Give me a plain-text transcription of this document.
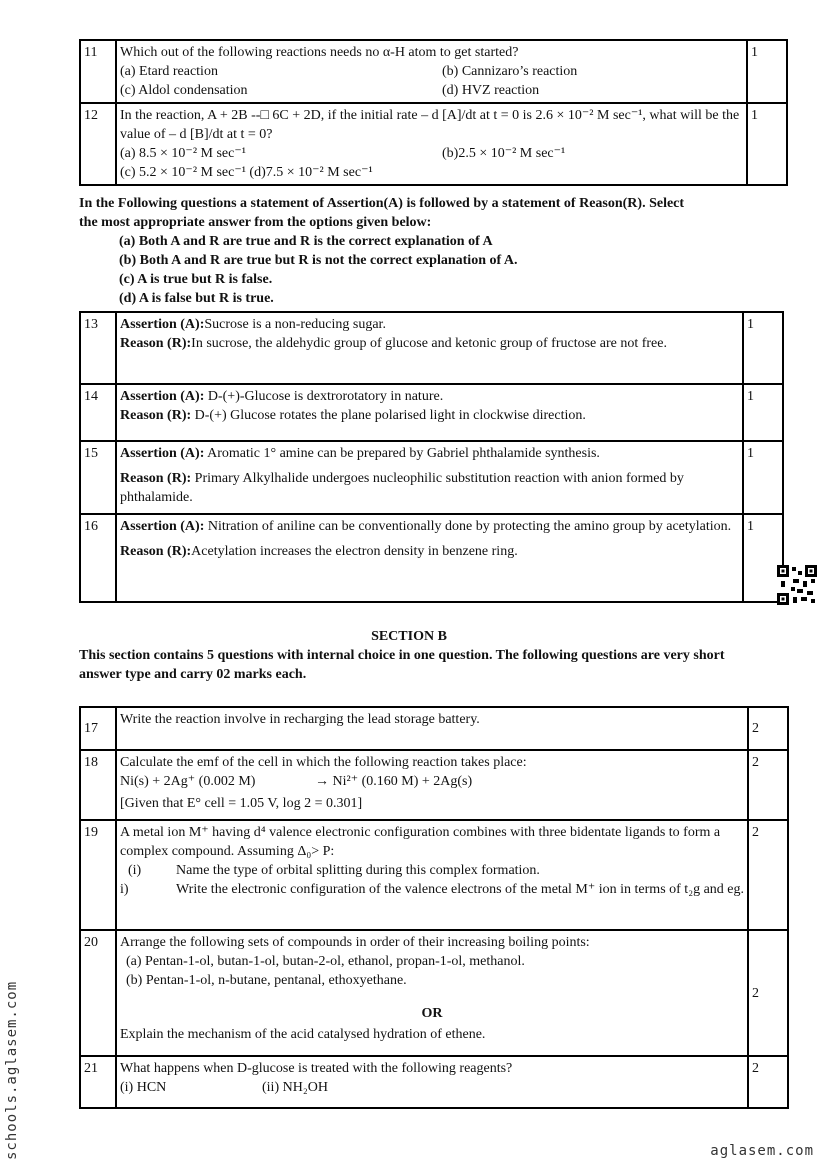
11	Which out of the following reactions needs no α-H atom to get started?
(a) Etard reaction (b) Cannizaro’s reaction
(c) Aldol condensation (d) HVZ reaction	1
12	In the reaction, A + 2B --□ 6C + 2D, if the initial rate – d [A]/dt at t = 0 is 2.6 × 10⁻² M sec⁻¹, what will be the value of – d [B]/dt at t = 0?
(a) 8.5 × 10⁻² M sec⁻¹ (b)2.5 × 10⁻² M sec⁻¹
(c) 5.2 × 10⁻² M sec⁻¹ (d)7.5 × 10⁻² M sec⁻¹	1
In the Following questions a statement of Assertion(A) is followed by a statement of Reason(R). Select the most appropriate answer from the options given below:
(a) Both A and R are true and R is the correct explanation of A
(b) Both A and R are true but R is not the correct explanation of A.
(c) A is true but R is false.
(d) A is false but R is true.
13	Assertion (A):Sucrose is a non-reducing sugar.
Reason (R):In sucrose, the aldehydic group of glucose and ketonic group of fructose are not free.	1
14	Assertion (A): D-(+)-Glucose is dextrorotatory in nature.
Reason (R): D-(+) Glucose rotates the plane polarised light in clockwise direction.	1
15	Assertion (A): Aromatic 1° amine can be prepared by Gabriel phthalamide synthesis.
Reason (R): Primary Alkylhalide undergoes nucleophilic substitution reaction with anion formed by phthalamide.	1
16	Assertion (A): Nitration of aniline can be conventionally done by protecting the amino group by acetylation.
Reason (R):Acetylation increases the electron density in benzene ring.	1
SECTION B
This section contains 5 questions with internal choice in one question. The following questions are very short answer type and carry 02 marks each.
17	Write the reaction involve in recharging the lead storage battery.	2
18	Calculate the emf of the cell in which the following reaction takes place:
Ni(s) + 2Ag⁺ (0.002 M) → Ni²⁺ (0.160 M) + 2Ag(s)
[Given that E° cell = 1.05 V, log 2 = 0.301]	2
19	A metal ion M⁺ having d⁴ valence electronic configuration combines with three bidentate ligands to form a complex compound. Assuming Δ₀> P:
(i) Name the type of orbital splitting during this complex formation.
i) Write the electronic configuration of the valence electrons of the metal M⁺ ion in terms of t₂g and eg.	2
20	Arrange the following sets of compounds in order of their increasing boiling points:
(a) Pentan-1-ol, butan-1-ol, butan-2-ol, ethanol, propan-1-ol, methanol.
(b) Pentan-1-ol, n-butane, pentanal, ethoxyethane.
OR
Explain the mechanism of the acid catalysed hydration of ethene.	2
21	What happens when D-glucose is treated with the following reagents?
(i) HCN (ii) NH₂OH	2
schools.aglasem.com	aglasem.com
